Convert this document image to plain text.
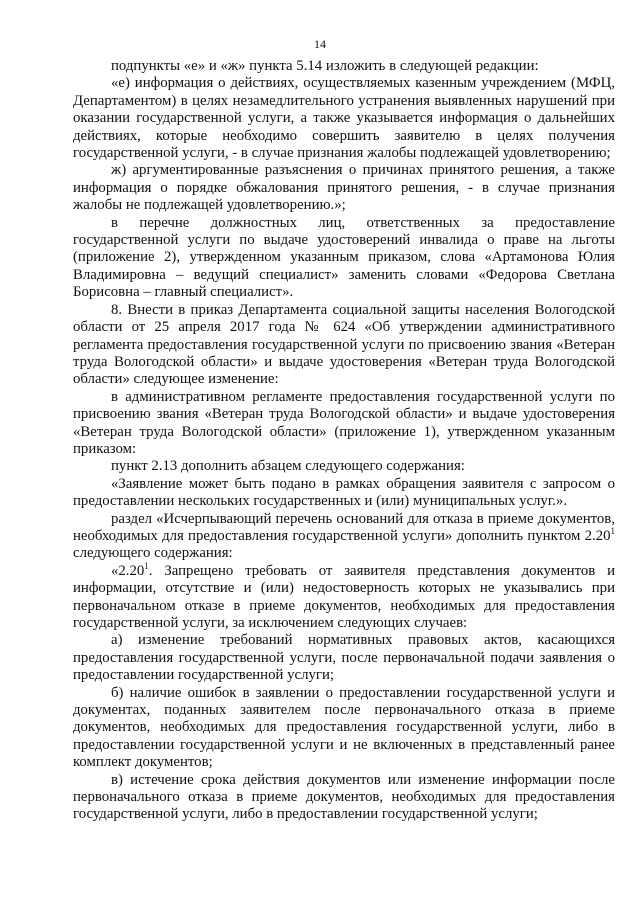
14

подпункты «е» и «ж» пункта 5.14 изложить в следующей редакции:

«е) информация о действиях, осуществляемых казенным учреждением (МФЦ, Департаментом) в целях незамедлительного устранения выявленных нарушений при оказании государственной услуги, а также указывается информация о дальнейших действиях, которые необходимо совершить заявителю в целях получения государственной услуги, - в случае признания жалобы подлежащей удовлетворению;

ж) аргументированные разъяснения о причинах принятого решения, а также информация о порядке обжалования принятого решения, - в случае признания жалобы не подлежащей удовлетворению.»;

в перечне должностных лиц, ответственных за предоставление государственной услуги по выдаче удостоверений инвалида о праве на льготы (приложение 2), утвержденном указанным приказом, слова «Артамонова Юлия Владимировна – ведущий специалист» заменить словами «Федорова Светлана Борисовна – главный специалист».

8. Внести в приказ Департамента социальной защиты населения Вологодской области от 25 апреля 2017 года № 624 «Об утверждении административного регламента предоставления государственной услуги по присвоению звания «Ветеран труда Вологодской области» и выдаче удостоверения «Ветеран труда Вологодской области» следующее изменение:

в административном регламенте предоставления государственной услуги по присвоению звания «Ветеран труда Вологодской области» и выдаче удостоверения «Ветеран труда Вологодской области» (приложение 1), утвержденном указанным приказом:

пункт 2.13 дополнить абзацем следующего содержания:

«Заявление может быть подано в рамках обращения заявителя с запросом о предоставлении нескольких государственных и (или) муниципальных услуг.».

раздел «Исчерпывающий перечень оснований для отказа в приеме документов, необходимых для предоставления государственной услуги» дополнить пунктом 2.20$^1$ следующего содержания:

«2.20$^1$. Запрещено требовать от заявителя представления документов и информации, отсутствие и (или) недостоверность которых не указывались при первоначальном отказе в приеме документов, необходимых для предоставления государственной услуги, за исключением следующих случаев:

а) изменение требований нормативных правовых актов, касающихся предоставления государственной услуги, после первоначальной подачи заявления о предоставлении государственной услуги;

б) наличие ошибок в заявлении о предоставлении государственной услуги и документах, поданных заявителем после первоначального отказа в приеме документов, необходимых для предоставления государственной услуги, либо в предоставлении государственной услуги и не включенных в представленный ранее комплект документов;

в) истечение срока действия документов или изменение информации после первоначального отказа в приеме документов, необходимых для предоставления государственной услуги, либо в предоставлении государственной услуги;
